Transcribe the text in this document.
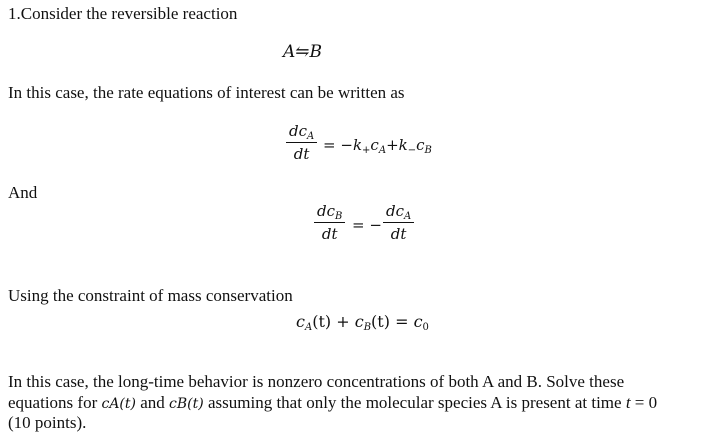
1.Consider the reversible reaction
A⇋B
In this case, the rate equations of interest can be written as
$dc_A$
dt = $-k_+c_A+k_-c_B$
And
$dc_B$
dt = −
$dc_A$
dt
Using the constraint of mass conservation
$c_A(t) + c_B(t) = c_0$
In this case, the long-time behavior is nonzero concentrations of both A and B. Solve these
equations for cA(t) and cB(t) assuming that only the molecular species A is present at time t = 0
(10 points).
